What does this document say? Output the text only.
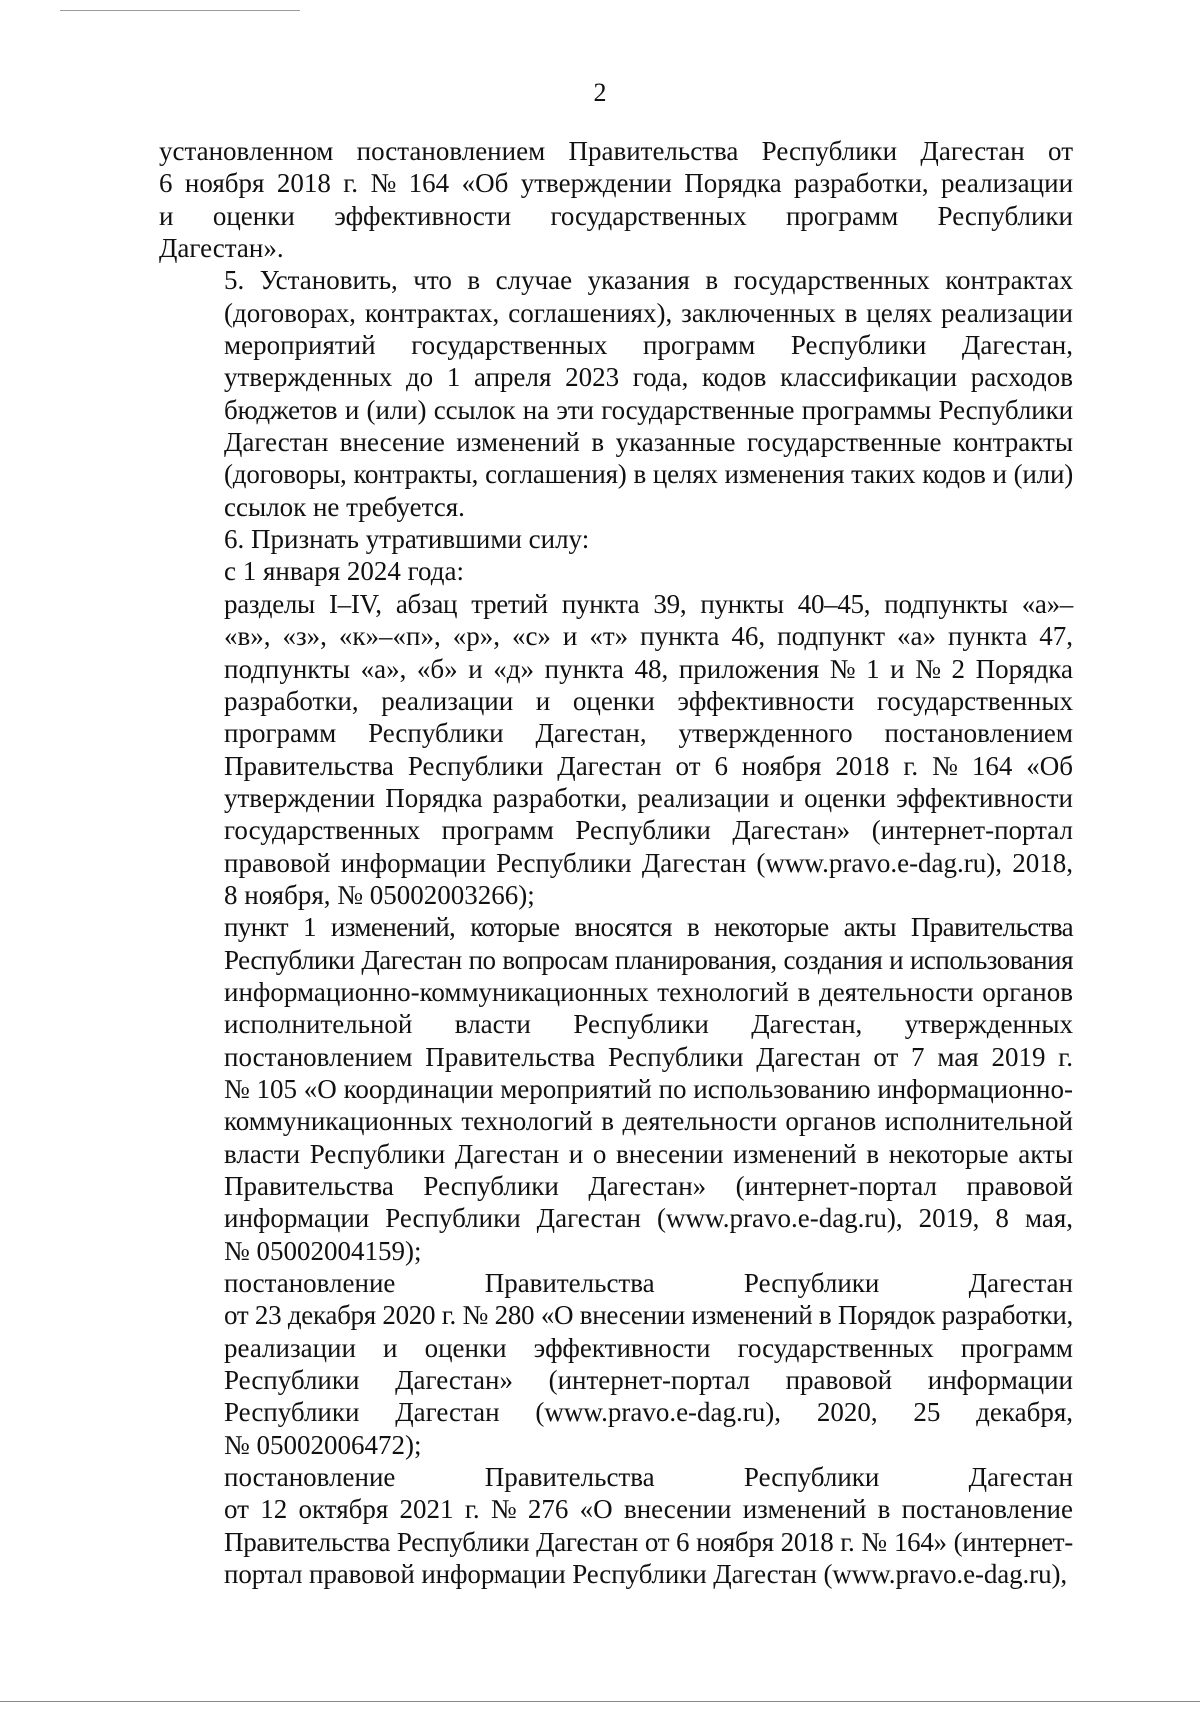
2
установленном постановлением Правительства Республики Дагестан от
6 ноября 2018 г. № 164 «Об утверждении Порядка разработки, реализации
и оценки эффективности государственных программ Республики
Дагестан».
5. Установить, что в случае указания в государственных контрактах
(договорах, контрактах, соглашениях), заключенных в целях реализации
мероприятий государственных программ Республики Дагестан,
утвержденных до 1 апреля 2023 года, кодов классификации расходов
бюджетов и (или) ссылок на эти государственные программы Республики
Дагестан внесение изменений в указанные государственные контракты
(договоры, контракты, соглашения) в целях изменения таких кодов и (или)
ссылок не требуется.
6. Признать утратившими силу:
с 1 января 2024 года:
разделы I–IV, абзац третий пункта 39, пункты 40–45, подпункты «а»–
«в», «з», «к»–«п», «р», «с» и «т» пункта 46, подпункт «а» пункта 47,
подпункты «а», «б» и «д» пункта 48, приложения № 1 и № 2 Порядка
разработки, реализации и оценки эффективности государственных
программ Республики Дагестан, утвержденного постановлением
Правительства Республики Дагестан от 6 ноября 2018 г. № 164 «Об
утверждении Порядка разработки, реализации и оценки эффективности
государственных программ Республики Дагестан» (интернет-портал
правовой информации Республики Дагестан (www.pravo.e-dag.ru), 2018,
8 ноября, № 05002003266);
пункт 1 изменений, которые вносятся в некоторые акты Правительства
Республики Дагестан по вопросам планирования, создания и использования
информационно-коммуникационных технологий в деятельности органов
исполнительной власти Республики Дагестан, утвержденных
постановлением Правительства Республики Дагестан от 7 мая 2019 г.
№ 105 «О координации мероприятий по использованию информационно-
коммуникационных технологий в деятельности органов исполнительной
власти Республики Дагестан и о внесении изменений в некоторые акты
Правительства Республики Дагестан» (интернет-портал правовой
информации Республики Дагестан (www.pravo.e-dag.ru), 2019, 8 мая,
№ 05002004159);
постановление Правительства Республики Дагестан
от 23 декабря 2020 г. № 280 «О внесении изменений в Порядок разработки,
реализации и оценки эффективности государственных программ
Республики Дагестан» (интернет-портал правовой информации
Республики Дагестан (www.pravo.e-dag.ru), 2020, 25 декабря,
№ 05002006472);
постановление Правительства Республики Дагестан
от 12 октября 2021 г. № 276 «О внесении изменений в постановление
Правительства Республики Дагестан от 6 ноября 2018 г. № 164» (интернет-
портал правовой информации Республики Дагестан (www.pravo.e-dag.ru),
